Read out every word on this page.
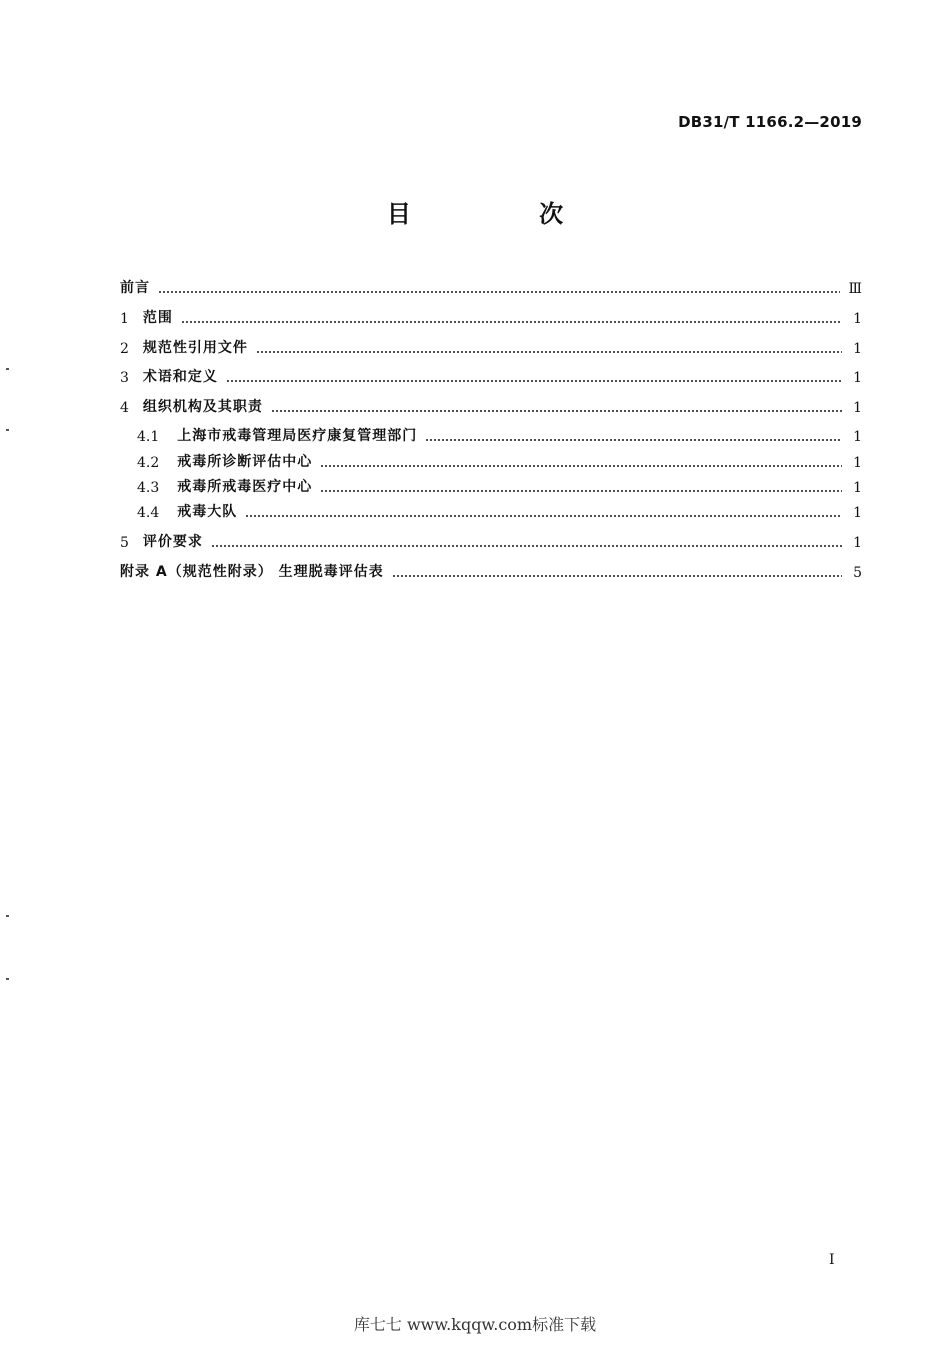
DB31/T 1166.2—2019
目 次
前言	Ⅲ
1 范围	1
2 规范性引用文件	1
3 术语和定义	1
4 组织机构及其职责	1
4.1 上海市戒毒管理局医疗康复管理部门	1
4.2 戒毒所诊断评估中心	1
4.3 戒毒所戒毒医疗中心	1
4.4 戒毒大队	1
5 评价要求	1
附录 A（规范性附录） 生理脱毒评估表	5
I
库七七 www.kqqw.com标准下载
